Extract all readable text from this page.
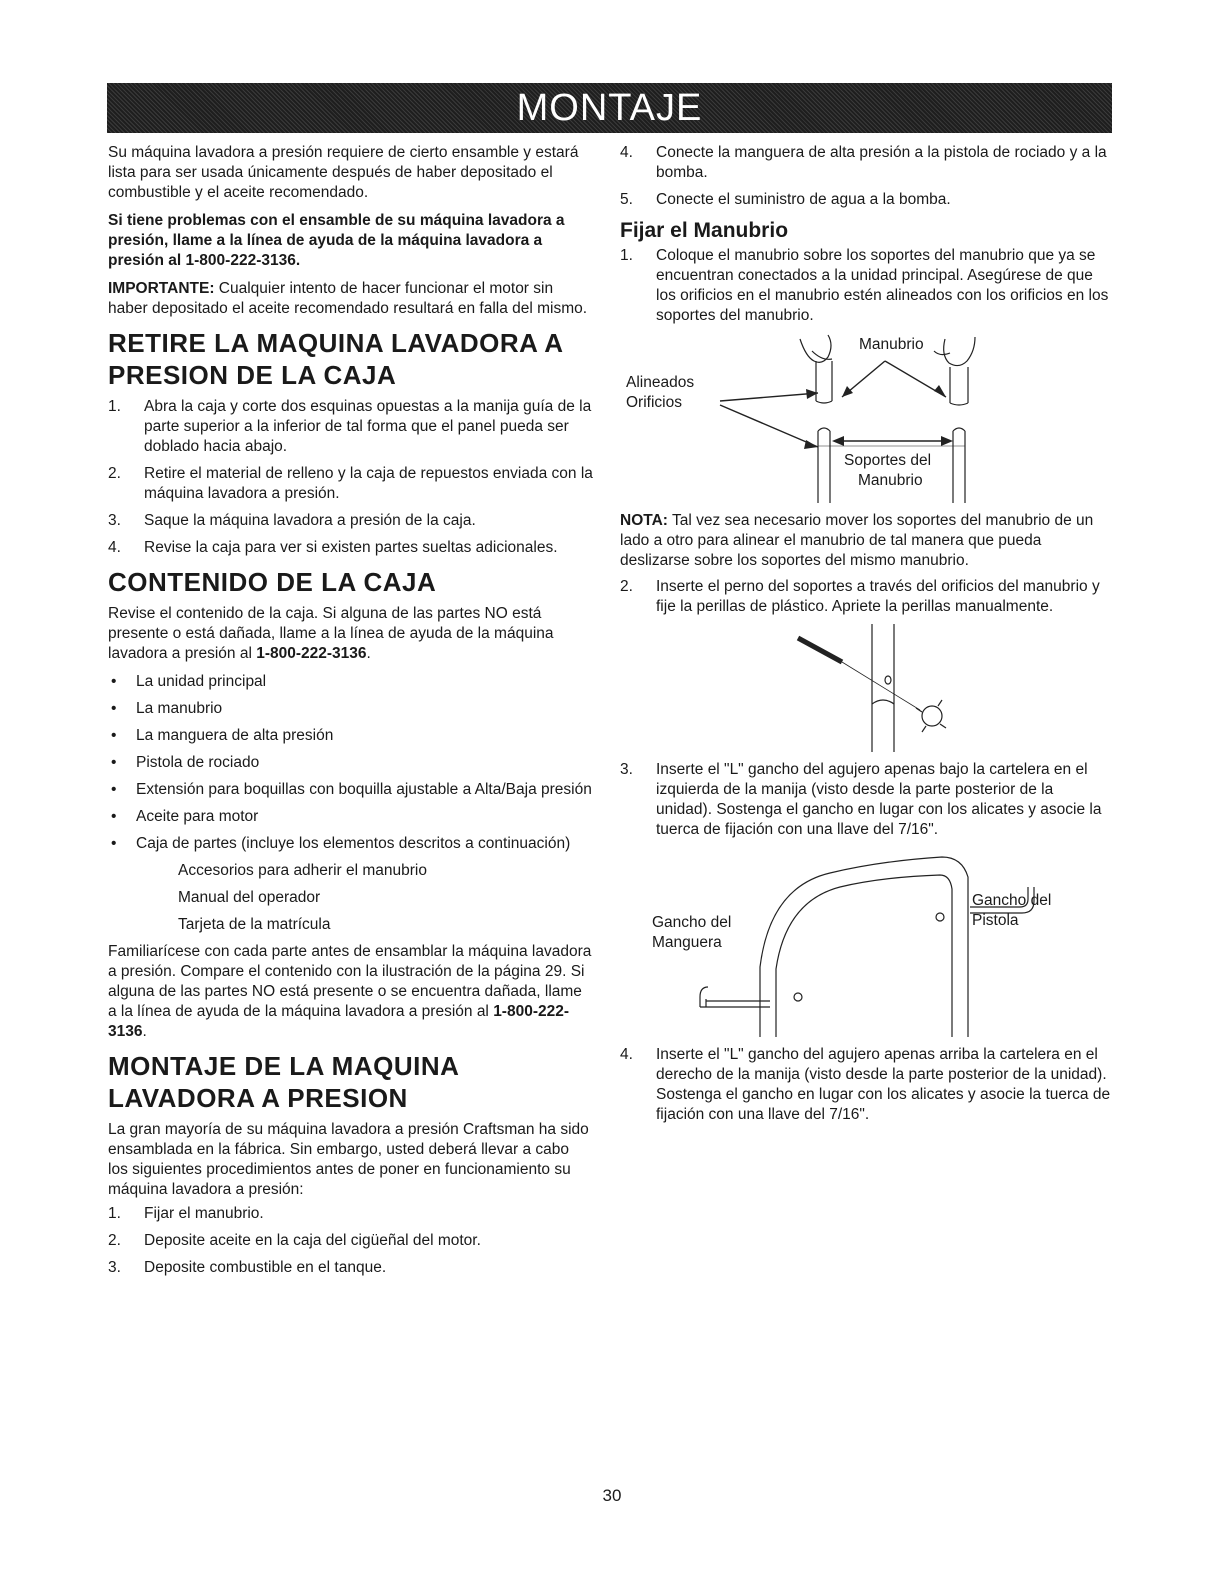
MONTAJE

Su máquina lavadora a presión requiere de cierto ensamble y estará lista para ser usada únicamente después de haber depositado el combustible y el aceite recomendado.

Si tiene problemas con el ensamble de su máquina lavadora a presión, llame a la línea de ayuda de la máquina lavadora a presión al 1-800-222-3136.

IMPORTANTE: Cualquier intento de hacer funcionar el motor sin haber depositado el aceite recomendado resultará en falla del mismo.

RETIRE LA MAQUINA LAVADORA A PRESION DE LA CAJA
1.	Abra la caja y corte dos esquinas opuestas a la manija guía de la parte superior a la inferior de tal forma que el panel pueda ser doblado hacia abajo.
2.	Retire el material de relleno y la caja de repuestos enviada con la máquina lavadora a presión.
3.	Saque la máquina lavadora a presión de la caja.
4.	Revise la caja para ver si existen partes sueltas adicionales.
CONTENIDO DE LA CAJA

Revise el contenido de la caja. Si alguna de las partes NO está presente o está dañada, llame a la línea de ayuda de la máquina lavadora a presión al 1-800-222-3136.

•	La unidad principal
•	La manubrio
•	La manguera de alta presión
•	Pistola de rociado
•	Extensión para boquillas con boquilla ajustable a Alta/Baja presión
•	Aceite para motor
•	Caja de partes (incluye los elementos descritos a continuación)
Accesorios para adherir el manubrio
Manual del operador
Tarjeta de la matrícula

Familiarícese con cada parte antes de ensamblar la máquina lavadora a presión. Compare el contenido con la ilustración de la página 29. Si alguna de las partes NO está presente o se encuentra dañada, llame a la línea de ayuda de la máquina lavadora a presión al 1-800-222-3136.

MONTAJE DE LA MAQUINA LAVADORA A PRESION

La gran mayoría de su máquina lavadora a presión Craftsman ha sido ensamblada en la fábrica. Sin embargo, usted deberá llevar a cabo los siguientes procedimientos antes de poner en funcionamiento su máquina lavadora a presión:

1.	Fijar el manubrio.
2.	Deposite aceite en la caja del cigüeñal del motor.
3.	Deposite combustible en el tanque.
4.	Conecte la manguera de alta presión a la pistola de rociado y a la bomba.
5.	Conecte el suministro de agua a la bomba.
Fijar el Manubrio
1.	Coloque el manubrio sobre los soportes del manubrio que ya se encuentran conectados a la unidad principal. Asegúrese de que los orificios en el manubrio estén alineados con los orificios en los soportes del manubrio.
Manubrio
Alineados
Orificios
Soportes del
Manubrio

NOTA: Tal vez sea necesario mover los soportes del manubrio de un lado a otro para alinear el manubrio de tal manera que pueda deslizarse sobre los soportes del mismo manubrio.

2.	Inserte el perno del soportes a través del orificios del manubrio y fije la perillas de plástico. Apriete la perillas manualmente.
3.	Inserte el "L" gancho del agujero apenas bajo la cartelera en el izquierda de la manija (visto desde la parte posterior de la unidad). Sostenga el gancho en lugar con los alicates y asocie la tuerca de fijación con una llave del 7/16".
Gancho del
Manguera
Gancho del
Pistola
4.	Inserte el "L" gancho del agujero apenas arriba la cartelera en el derecho de la manija (visto desde la parte posterior de la unidad). Sostenga el gancho en lugar con los alicates y asocie la tuerca de fijación con una llave del 7/16".
30
